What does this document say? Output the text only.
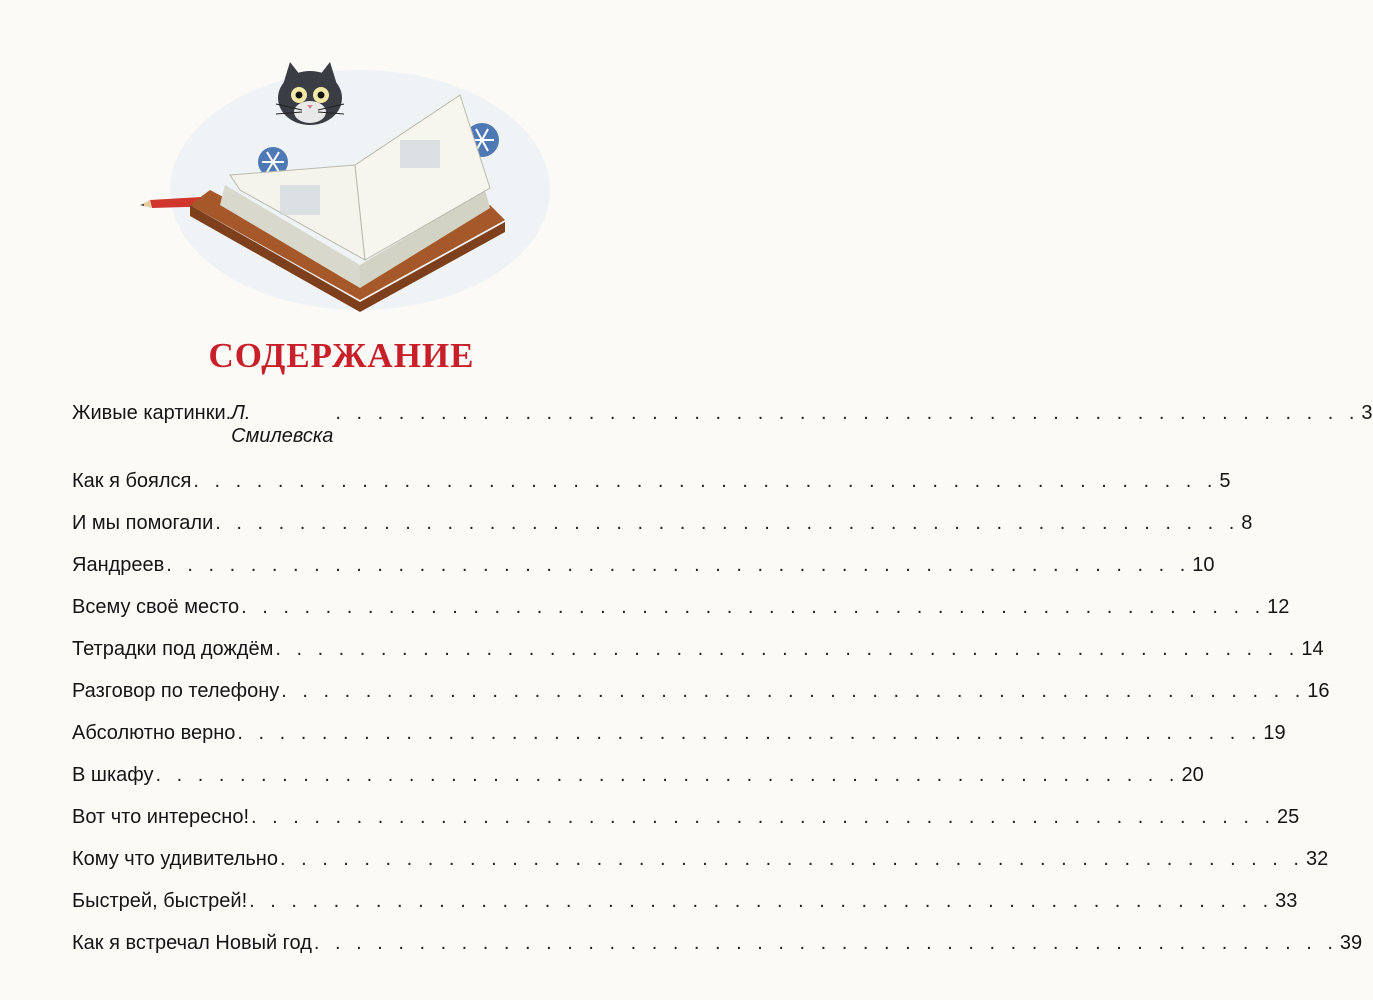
СОДЕРЖАНИЕ
Живые картинки. Л. Смилевска
. . . . . . . . . . . . . . . . . . . . . . . . . . . . . . . . . . . . . . . . . . . . . . . . . 3
Как я боялся . . . . . . . . . . . . . . . . . . . . . . . . . . . . . . . . . . . . . . . . . . . . . . . . . 5
И мы помогали . . . . . . . . . . . . . . . . . . . . . . . . . . . . . . . . . . . . . . . . . . . . . . . . . 8
Яандреев . . . . . . . . . . . . . . . . . . . . . . . . . . . . . . . . . . . . . . . . . . . . . . . . . 10
Всему своё место . . . . . . . . . . . . . . . . . . . . . . . . . . . . . . . . . . . . . . . . . . . . . . . . . 12
Тетрадки под дождём . . . . . . . . . . . . . . . . . . . . . . . . . . . . . . . . . . . . . . . . . . . . . . . . . 14
Разговор по телефону . . . . . . . . . . . . . . . . . . . . . . . . . . . . . . . . . . . . . . . . . . . . . . . . . 16
Абсолютно верно . . . . . . . . . . . . . . . . . . . . . . . . . . . . . . . . . . . . . . . . . . . . . . . . . 19
В шкафу . . . . . . . . . . . . . . . . . . . . . . . . . . . . . . . . . . . . . . . . . . . . . . . . . 20
Вот что интересно! . . . . . . . . . . . . . . . . . . . . . . . . . . . . . . . . . . . . . . . . . . . . . . . . . 25
Кому что удивительно . . . . . . . . . . . . . . . . . . . . . . . . . . . . . . . . . . . . . . . . . . . . . . . . . 32
Быстрей, быстрей! . . . . . . . . . . . . . . . . . . . . . . . . . . . . . . . . . . . . . . . . . . . . . . . . . 33
Как я встречал Новый год . . . . . . . . . . . . . . . . . . . . . . . . . . . . . . . . . . . . . . . . . . . . . . . . . 39
